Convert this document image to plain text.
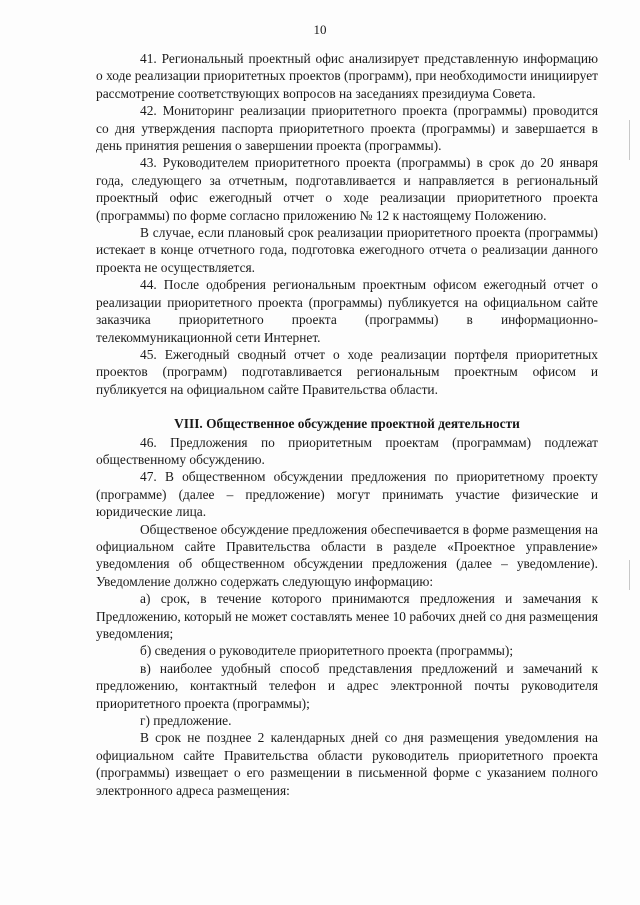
10

41. Региональный проектный офис анализирует представленную информацию о ходе реализации приоритетных проектов (программ), при необходимости инициирует рассмотрение соответствующих вопросов на заседаниях президиума Совета.

42. Мониторинг реализации приоритетного проекта (программы) проводится со дня утверждения паспорта приоритетного проекта (программы) и завершается в день принятия решения о завершении проекта (программы).

43. Руководителем приоритетного проекта (программы) в срок до 20 января года, следующего за отчетным, подготавливается и направляется в региональный проектный офис ежегодный отчет о ходе реализации приоритетного проекта (программы) по форме согласно приложению № 12 к настоящему Положению.

В случае, если плановый срок реализации приоритетного проекта (программы) истекает в конце отчетного года, подготовка ежегодного отчета о реализации данного проекта не осуществляется.

44. После одобрения региональным проектным офисом ежегодный отчет о реализации приоритетного проекта (программы) публикуется на официальном сайте заказчика приоритетного проекта (программы) в информационно-телекоммуникационной сети Интернет.

45. Ежегодный сводный отчет о ходе реализации портфеля приоритетных проектов (программ) подготавливается региональным проектным офисом и публикуется на официальном сайте Правительства области.

VIII. Общественное обсуждение проектной деятельности

46. Предложения по приоритетным проектам (программам) подлежат общественному обсуждению.

47. В общественном обсуждении предложения по приоритетному проекту (программе) (далее – предложение) могут принимать участие физические и юридические лица.

Общественое обсуждение предложения обеспечивается в форме размещения на официальном сайте Правительства области в разделе «Проектное управление» уведомления об общественном обсуждении предложения (далее – уведомление). Уведомление должно содержать следующую информацию:

а) срок, в течение которого принимаются предложения и замечания к Предложению, который не может составлять менее 10 рабочих дней со дня размещения уведомления;

б) сведения о руководителе приоритетного проекта (программы);

в) наиболее удобный способ представления предложений и замечаний к предложению, контактный телефон и адрес электронной почты руководителя приоритетного проекта (программы);

г) предложение.

В срок не позднее 2 календарных дней со дня размещения уведомления на официальном сайте Правительства области руководитель приоритетного проекта (программы) извещает о его размещении в письменной форме с указанием полного электронного адреса размещения:
